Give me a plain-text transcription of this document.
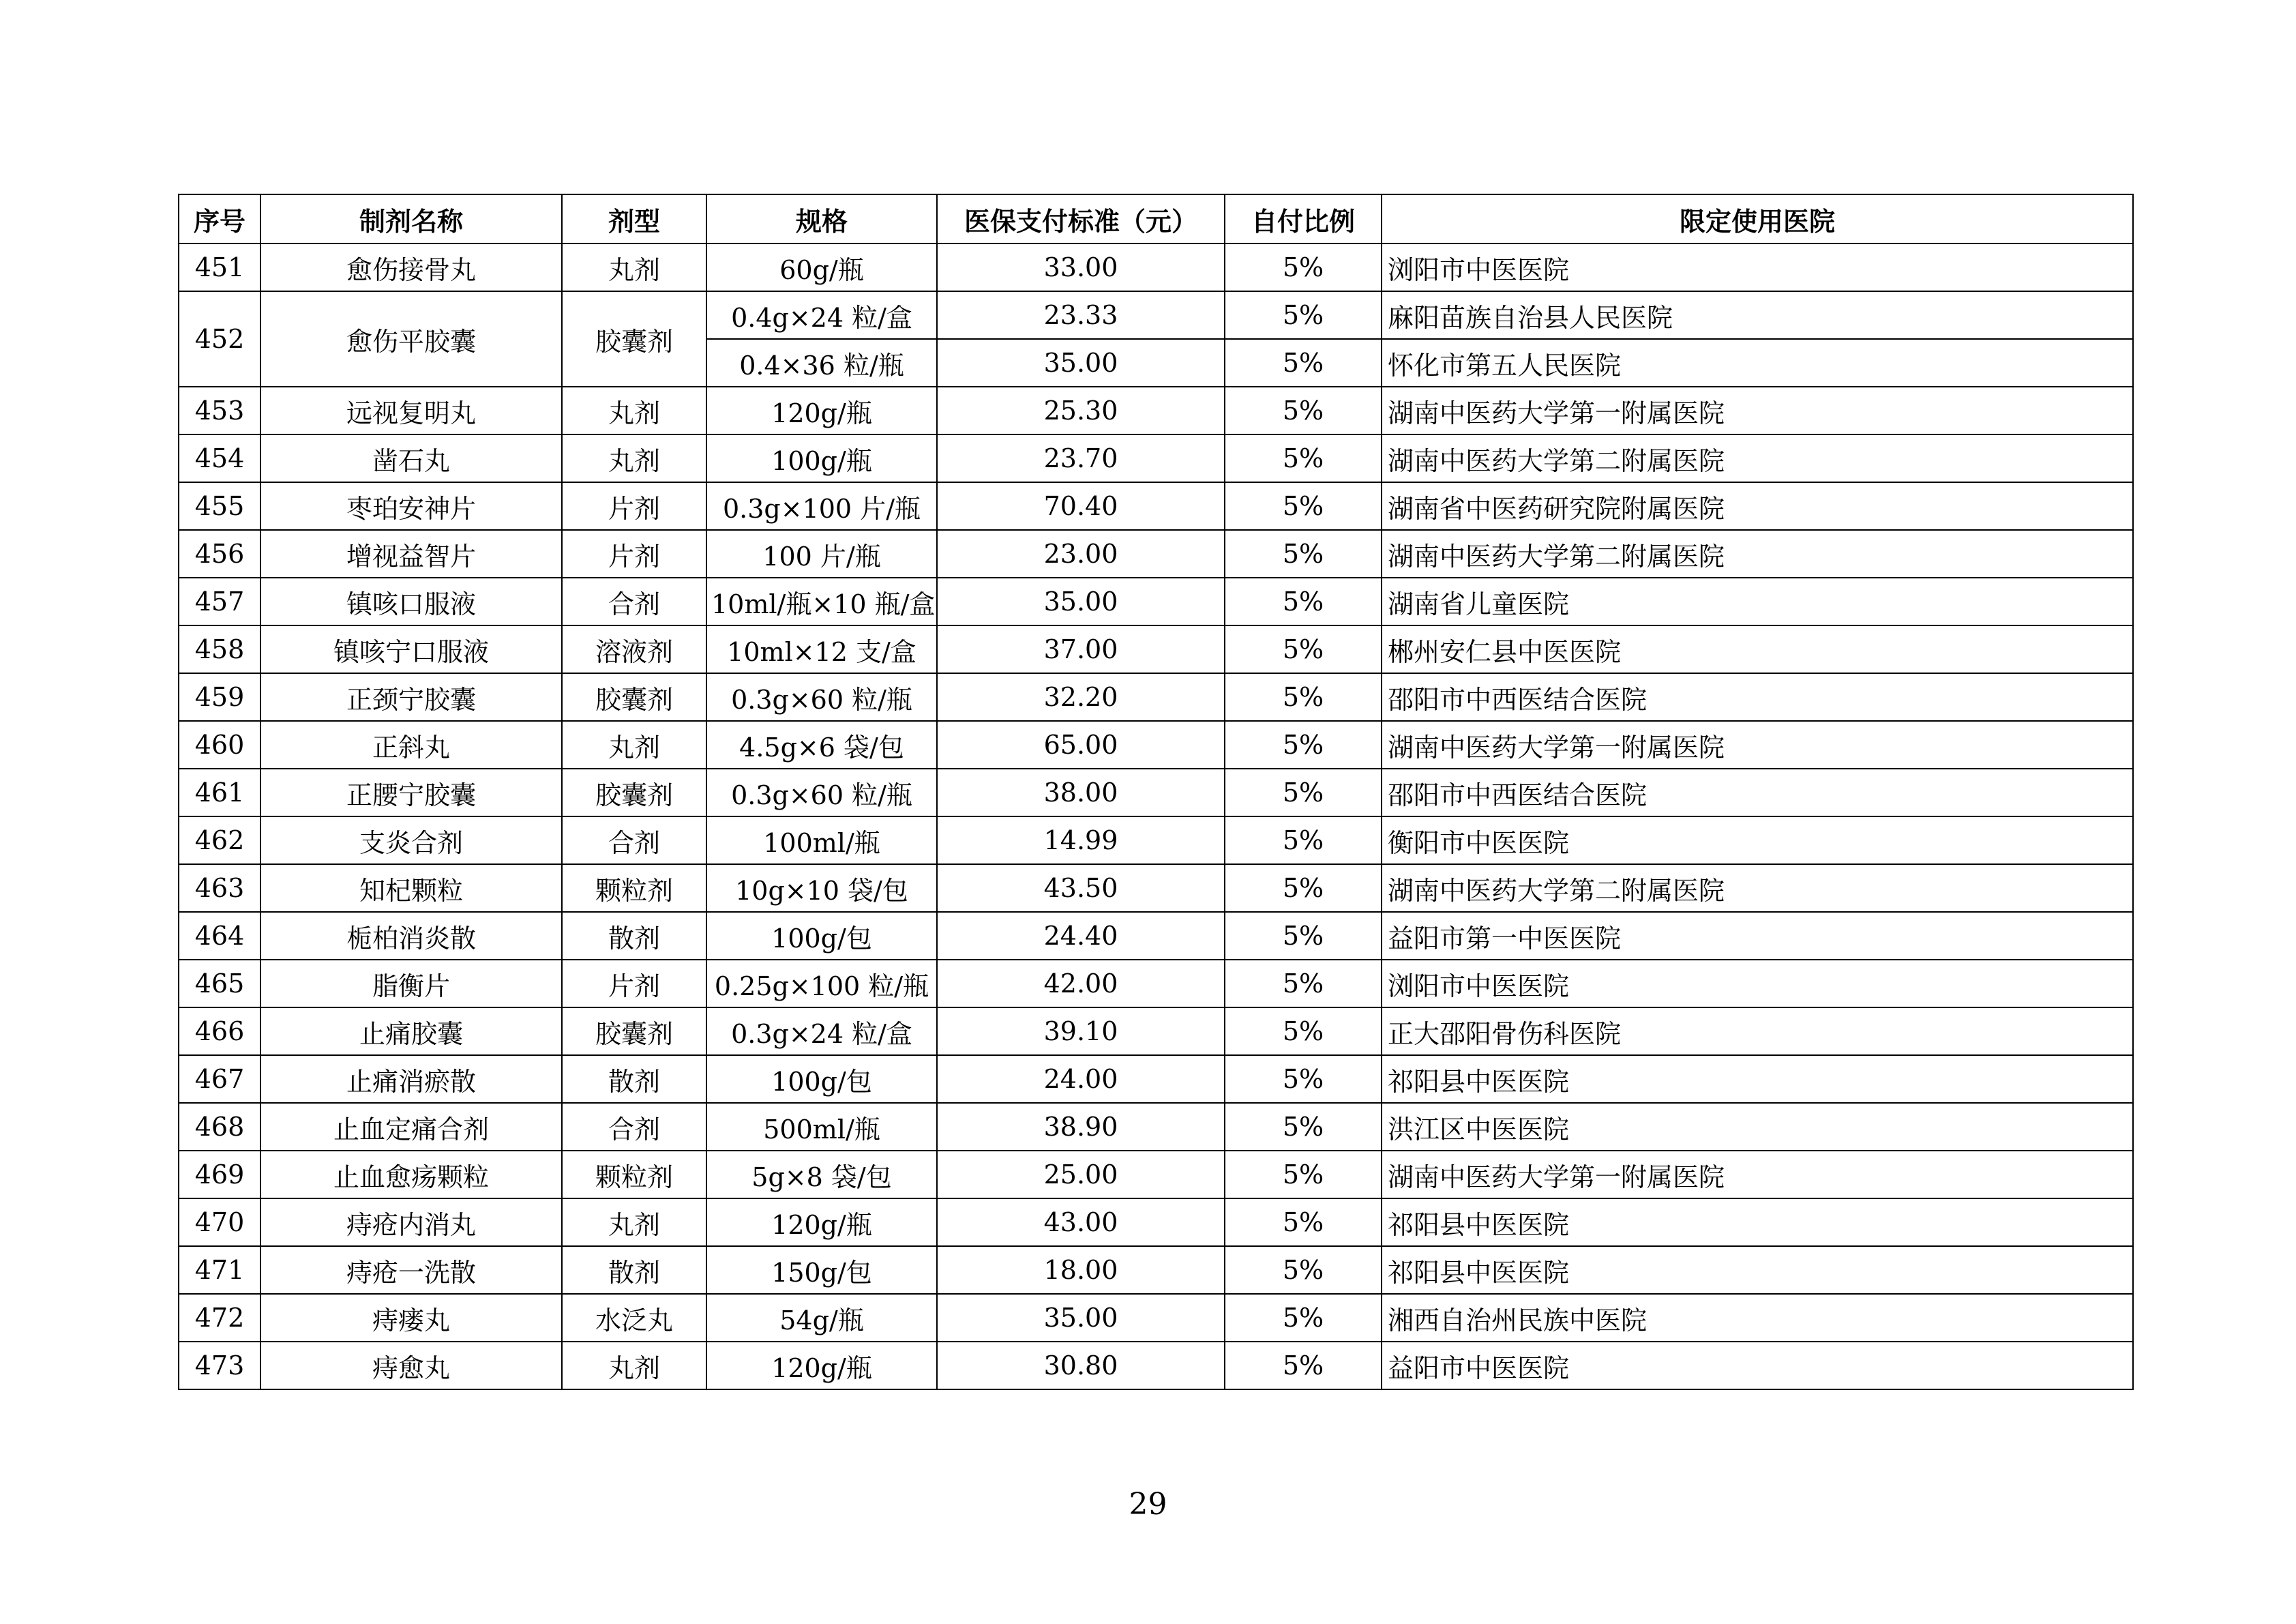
序号	制剂名称	剂型	规格	医保支付标准（元）	自付比例	限定使用医院
451	愈伤接骨丸	丸剂	60g/瓶	33.00	5%	浏阳市中医医院
452	愈伤平胶囊	胶囊剂	0.4g×24 粒/盒	23.33	5%	麻阳苗族自治县人民医院
			0.4×36 粒/瓶	35.00	5%	怀化市第五人民医院
453	远视复明丸	丸剂	120g/瓶	25.30	5%	湖南中医药大学第一附属医院
454	凿石丸	丸剂	100g/瓶	23.70	5%	湖南中医药大学第二附属医院
455	枣珀安神片	片剂	0.3g×100 片/瓶	70.40	5%	湖南省中医药研究院附属医院
456	增视益智片	片剂	100 片/瓶	23.00	5%	湖南中医药大学第二附属医院
457	镇咳口服液	合剂	10ml/瓶×10 瓶/盒	35.00	5%	湖南省儿童医院
458	镇咳宁口服液	溶液剂	10ml×12 支/盒	37.00	5%	郴州安仁县中医医院
459	正颈宁胶囊	胶囊剂	0.3g×60 粒/瓶	32.20	5%	邵阳市中西医结合医院
460	正斜丸	丸剂	4.5g×6 袋/包	65.00	5%	湖南中医药大学第一附属医院
461	正腰宁胶囊	胶囊剂	0.3g×60 粒/瓶	38.00	5%	邵阳市中西医结合医院
462	支炎合剂	合剂	100ml/瓶	14.99	5%	衡阳市中医医院
463	知杞颗粒	颗粒剂	10g×10 袋/包	43.50	5%	湖南中医药大学第二附属医院
464	栀柏消炎散	散剂	100g/包	24.40	5%	益阳市第一中医医院
465	脂衡片	片剂	0.25g×100 粒/瓶	42.00	5%	浏阳市中医医院
466	止痛胶囊	胶囊剂	0.3g×24 粒/盒	39.10	5%	正大邵阳骨伤科医院
467	止痛消瘀散	散剂	100g/包	24.00	5%	祁阳县中医医院
468	止血定痛合剂	合剂	500ml/瓶	38.90	5%	洪江区中医医院
469	止血愈疡颗粒	颗粒剂	5g×8 袋/包	25.00	5%	湖南中医药大学第一附属医院
470	痔疮内消丸	丸剂	120g/瓶	43.00	5%	祁阳县中医医院
471	痔疮一洗散	散剂	150g/包	18.00	5%	祁阳县中医医院
472	痔瘘丸	水泛丸	54g/瓶	35.00	5%	湘西自治州民族中医院
473	痔愈丸	丸剂	120g/瓶	30.80	5%	益阳市中医医院
29
